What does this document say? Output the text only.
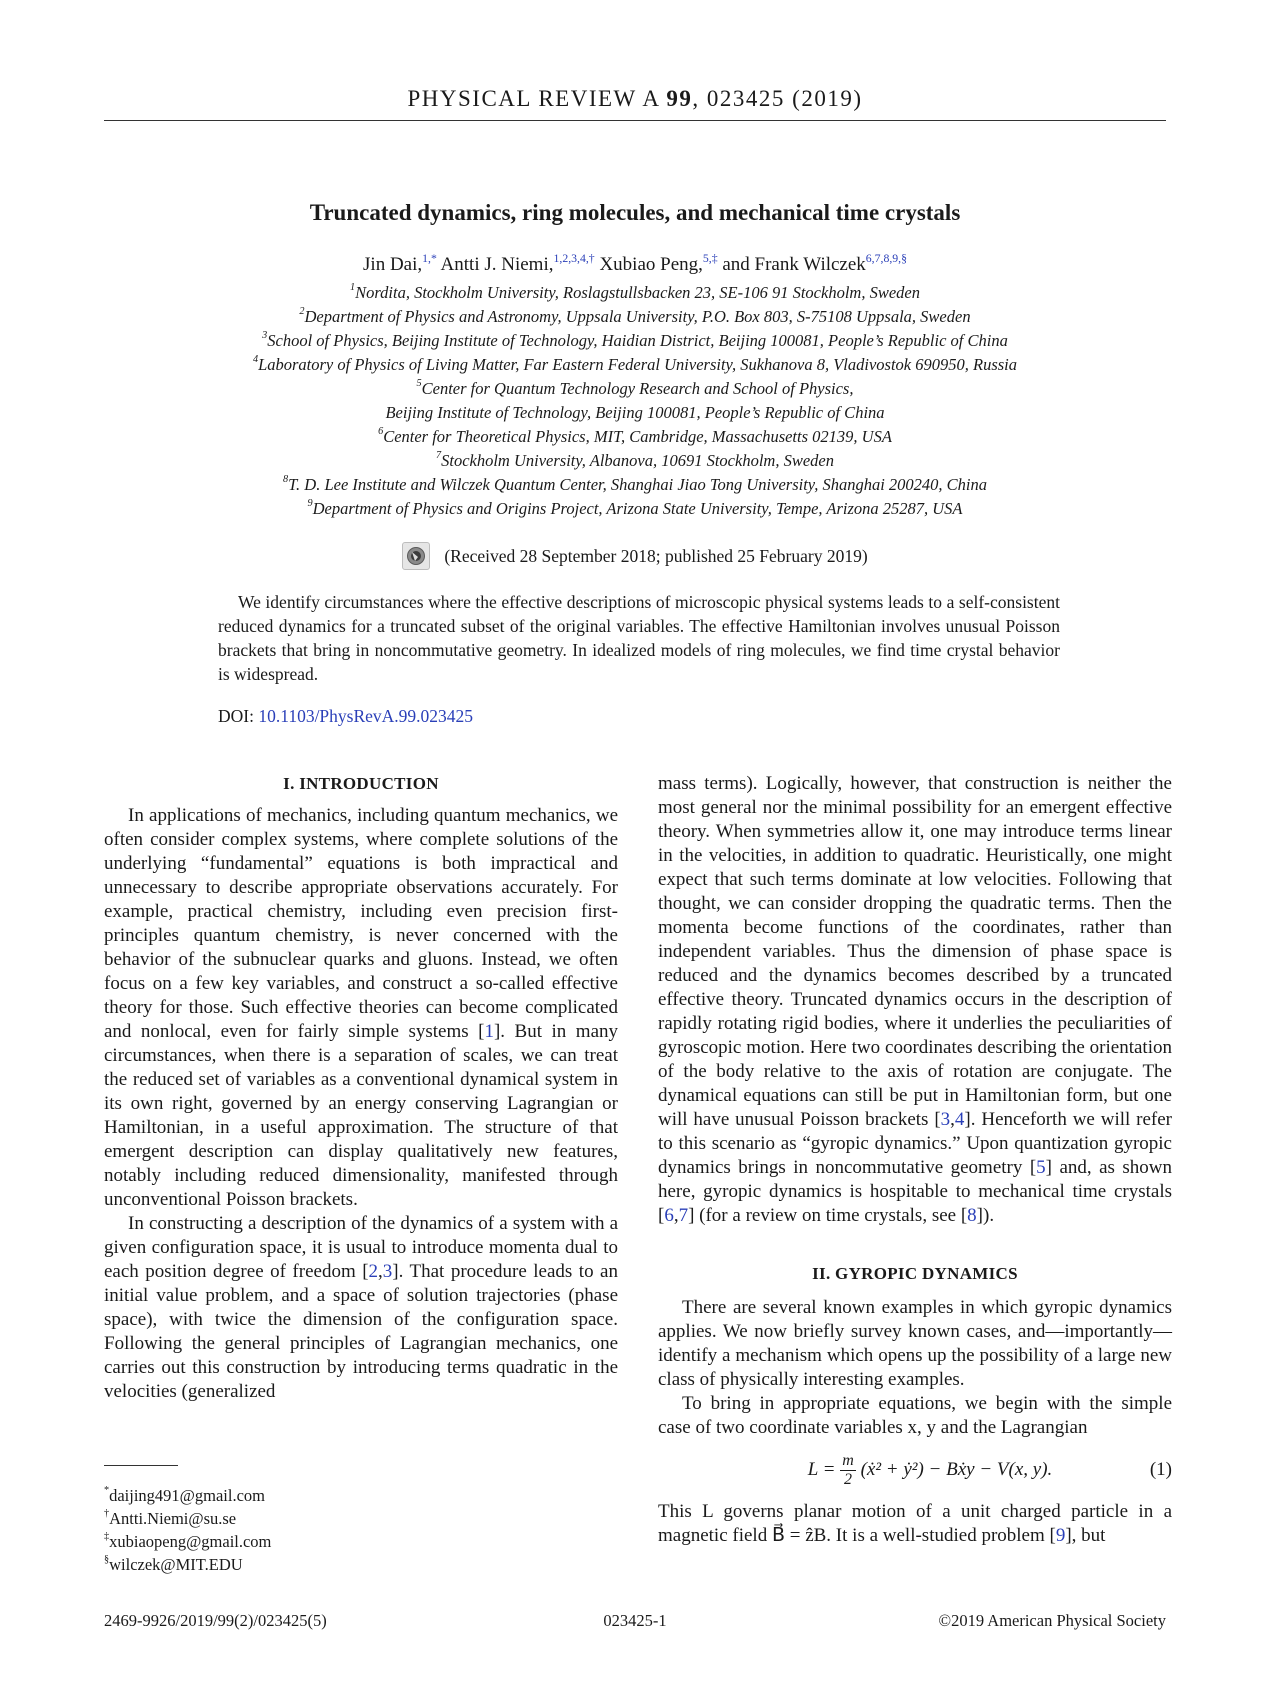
PHYSICAL REVIEW A 99, 023425 (2019)
Truncated dynamics, ring molecules, and mechanical time crystals
Jin Dai,$^{1,*}$ Antti J. Niemi,$^{1,2,3,4,\dagger}$ Xubiao Peng,$^{5,\ddagger}$ and Frank Wilczek$^{6,7,8,9,\S}$
$^1$Nordita, Stockholm University, Roslagstullsbacken 23, SE-106 91 Stockholm, Sweden
$^2$Department of Physics and Astronomy, Uppsala University, P.O. Box 803, S-75108 Uppsala, Sweden
$^3$School of Physics, Beijing Institute of Technology, Haidian District, Beijing 100081, People’s Republic of China
$^4$Laboratory of Physics of Living Matter, Far Eastern Federal University, Sukhanova 8, Vladivostok 690950, Russia
$^5$Center for Quantum Technology Research and School of Physics,
Beijing Institute of Technology, Beijing 100081, People’s Republic of China
$^6$Center for Theoretical Physics, MIT, Cambridge, Massachusetts 02139, USA
$^7$Stockholm University, Albanova, 10691 Stockholm, Sweden
$^8$T. D. Lee Institute and Wilczek Quantum Center, Shanghai Jiao Tong University, Shanghai 200240, China
$^9$Department of Physics and Origins Project, Arizona State University, Tempe, Arizona 25287, USA
(Received 28 September 2018; published 25 February 2019)
We identify circumstances where the effective descriptions of microscopic physical systems leads to a self-consistent reduced dynamics for a truncated subset of the original variables. The effective Hamiltonian involves unusual Poisson brackets that bring in noncommutative geometry. In idealized models of ring molecules, we find time crystal behavior is widespread.
DOI: 10.1103/PhysRevA.99.023425
I. INTRODUCTION

In applications of mechanics, including quantum mechanics, we often consider complex systems, where complete solutions of the underlying “fundamental” equations is both impractical and unnecessary to describe appropriate observations accurately. For example, practical chemistry, including even precision first-principles quantum chemistry, is never concerned with the behavior of the subnuclear quarks and gluons. Instead, we often focus on a few key variables, and construct a so-called effective theory for those. Such effective theories can become complicated and nonlocal, even for fairly simple systems [1]. But in many circumstances, when there is a separation of scales, we can treat the reduced set of variables as a conventional dynamical system in its own right, governed by an energy conserving Lagrangian or Hamiltonian, in a useful approximation. The structure of that emergent description can display qualitatively new features, notably including reduced dimensionality, manifested through unconventional Poisson brackets.

In constructing a description of the dynamics of a system with a given configuration space, it is usual to introduce momenta dual to each position degree of freedom [2,3]. That procedure leads to an initial value problem, and a space of solution trajectories (phase space), with twice the dimension of the configuration space. Following the general principles of Lagrangian mechanics, one carries out this construction by introducing terms quadratic in the velocities (generalized

mass terms). Logically, however, that construction is neither the most general nor the minimal possibility for an emergent effective theory. When symmetries allow it, one may introduce terms linear in the velocities, in addition to quadratic. Heuristically, one might expect that such terms dominate at low velocities. Following that thought, we can consider dropping the quadratic terms. Then the momenta become functions of the coordinates, rather than independent variables. Thus the dimension of phase space is reduced and the dynamics becomes described by a truncated effective theory. Truncated dynamics occurs in the description of rapidly rotating rigid bodies, where it underlies the peculiarities of gyroscopic motion. Here two coordinates describing the orientation of the body relative to the axis of rotation are conjugate. The dynamical equations can still be put in Hamiltonian form, but one will have unusual Poisson brackets [3,4]. Henceforth we will refer to this scenario as “gyropic dynamics.” Upon quantization gyropic dynamics brings in noncommutative geometry [5] and, as shown here, gyropic dynamics is hospitable to mechanical time crystals [6,7] (for a review on time crystals, see [8]).

II. GYROPIC DYNAMICS

There are several known examples in which gyropic dynamics applies. We now briefly survey known cases, and—importantly—identify a mechanism which opens up the possibility of a large new class of physically interesting examples.

To bring in appropriate equations, we begin with the simple case of two coordinate variables x, y and the Lagrangian

$L = \frac{m}{2}$ (ẋ² + ẏ²) − Bẋy − V(x, y).	(1)

This L governs planar motion of a unit charged particle in a magnetic field B⃗ = ẑB. It is a well-studied problem [9], but

*daijing491@gmail.com
†Antti.Niemi@su.se
‡xubiaopeng@gmail.com
§wilczek@MIT.EDU
2469-9926/2019/99(2)/023425(5)	023425-1	©2019 American Physical Society
